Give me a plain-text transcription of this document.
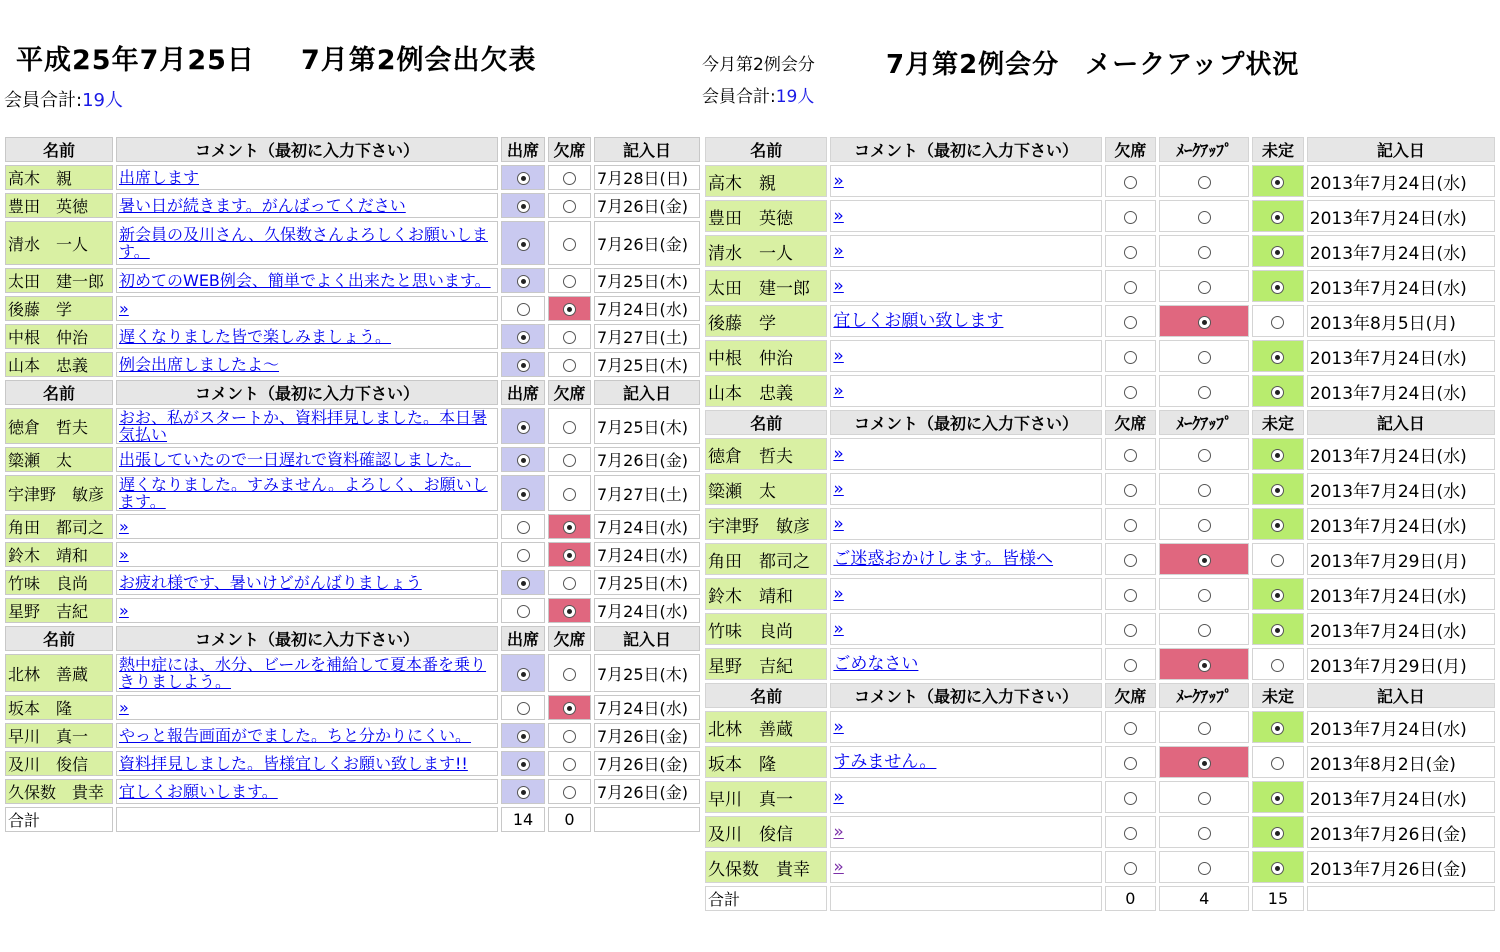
平成25年7月25日 7月第2例会出欠表
会員合計:19人
今月第2例会分	7月第2例会分 メークアップ状況
会員合計:19人
名前	コメント（最初に入力下さい）	出席	欠席	記入日
高木　親	出席します			7月28日(日)
豊田　英徳	暑い日が続きます。がんばってください			7月26日(金)
清水　一人	新会員の及川さん、久保数さんよろしくお願いします。			7月26日(金)
太田　建一郎	初めてのWEB例会、簡単でよく出来たと思います。			7月25日(木)
後藤　学	»			7月24日(水)
中根　仲治	遅くなりました皆で楽しみましょう。			7月27日(土)
山本　忠義	例会出席しましたよ～			7月25日(木)
名前	コメント（最初に入力下さい）	出席	欠席	記入日
徳倉　哲夫	おお、私がスタートか、資料拝見しました。本日暑気払い			7月25日(木)
簗瀬　太	出張していたので一日遅れで資料確認しました。			7月26日(金)
宇津野　敏彦	遅くなりました。すみません。よろしく、お願いします。			7月27日(土)
角田　都司之	»			7月24日(水)
鈴木　靖和	»			7月24日(水)
竹味　良尚	お疲れ様です、暑いけどがんばりましょう			7月25日(木)
星野　吉紀	»			7月24日(水)
名前	コメント（最初に入力下さい）	出席	欠席	記入日
北林　善蔵	熱中症には、水分、ビールを補給して夏本番を乗りきりましよう。			7月25日(木)
坂本　隆	»			7月24日(水)
早川　真一	やっと報告画面がでました。ちと分かりにくい。			7月26日(金)
及川　俊信	資料拝見しました。皆様宜しくお願い致します!!			7月26日(金)
久保数　貴幸	宜しくお願いします。			7月26日(金)
合計		14	0	
名前	コメント（最初に入力下さい）	欠席	ﾒｰｸｱｯﾌﾟ	未定	記入日
高木　親	»				2013年7月24日(水)
豊田　英徳	»				2013年7月24日(水)
清水　一人	»				2013年7月24日(水)
太田　建一郎	»				2013年7月24日(水)
後藤　学	宜しくお願い致します				2013年8月5日(月)
中根　仲治	»				2013年7月24日(水)
山本　忠義	»				2013年7月24日(水)
名前	コメント（最初に入力下さい）	欠席	ﾒｰｸｱｯﾌﾟ	未定	記入日
徳倉　哲夫	»				2013年7月24日(水)
簗瀬　太	»				2013年7月24日(水)
宇津野　敏彦	»				2013年7月24日(水)
角田　都司之	ご迷惑おかけします。皆様へ				2013年7月29日(月)
鈴木　靖和	»				2013年7月24日(水)
竹味　良尚	»				2013年7月24日(水)
星野　吉紀	ごめなさい				2013年7月29日(月)
名前	コメント（最初に入力下さい）	欠席	ﾒｰｸｱｯﾌﾟ	未定	記入日
北林　善蔵	»				2013年7月24日(水)
坂本　隆	すみません。				2013年8月2日(金)
早川　真一	»				2013年7月24日(水)
及川　俊信	»				2013年7月26日(金)
久保数　貴幸	»				2013年7月26日(金)
合計		0	4	15	
